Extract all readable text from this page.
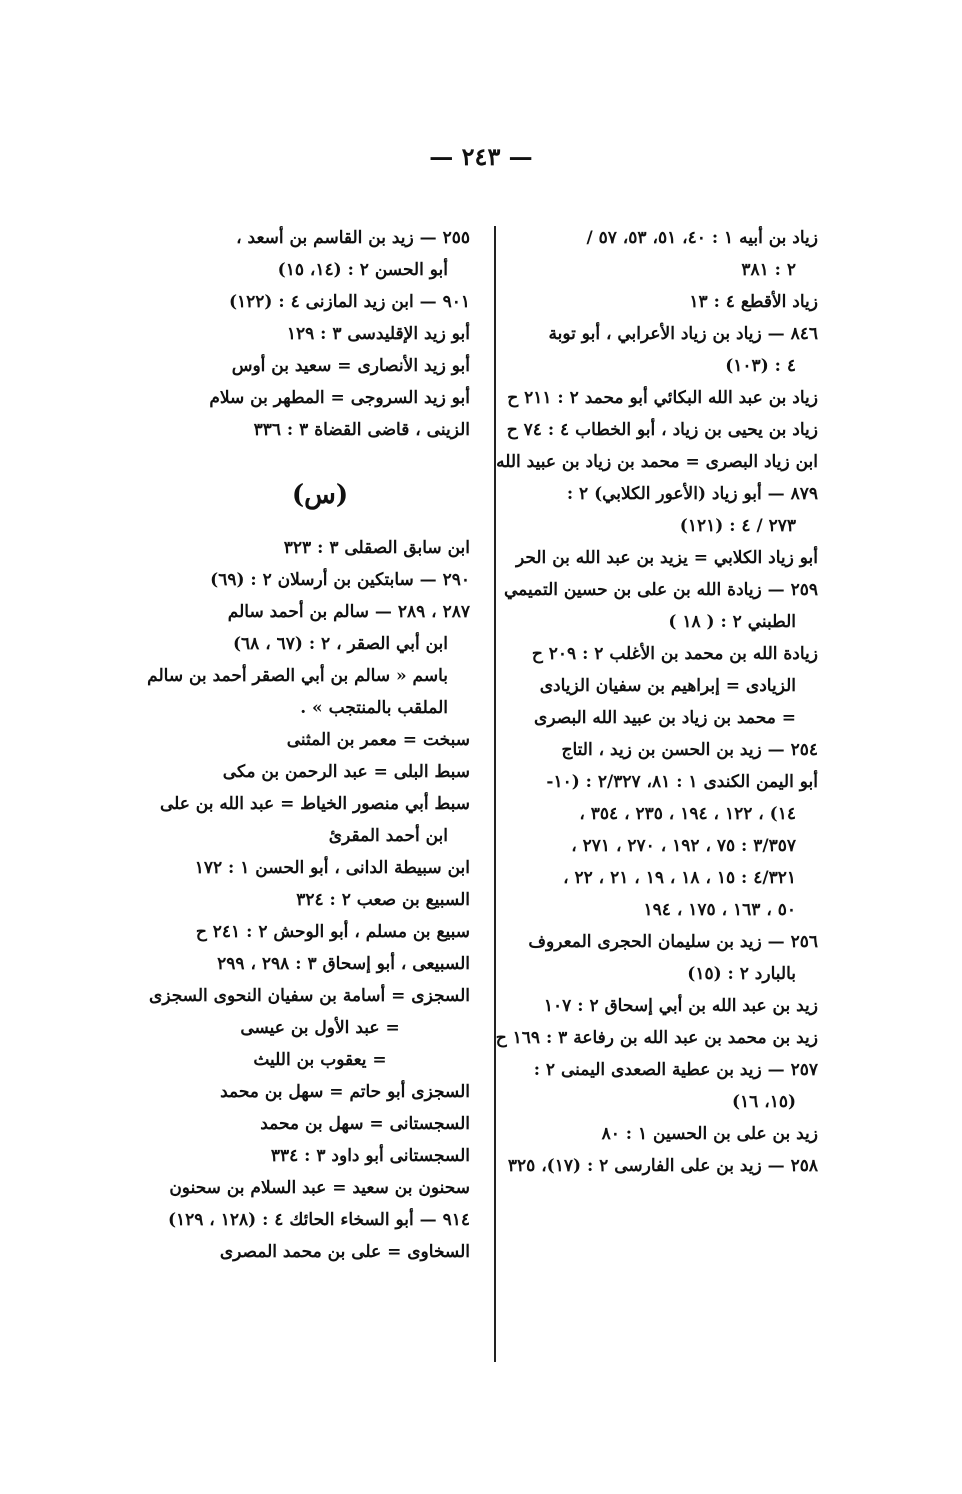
— ٢٤٣ —
زياد بن أبيه ١ : ٤٠، ٥١، ٥٣، ٥٧ /
٢ : ٣٨١
زياد الأقطع ٤ : ١٣
٨٤٦ — زياد بن زياد الأعرابي ، أبو توبة
٤ : (١٠٣)
زياد بن عبد الله البكائي أبو محمد ٢ : ٢١١ ح
زياد بن يحيى بن زياد ، أبو الخطاب ٤ : ٧٤ ح
ابن زياد البصرى = محمد بن زياد بن عبيد الله
٨٧٩ — أبو زياد (الأعور الكلابي) ٢ :
٢٧٣ / ٤ : (١٢١)
أبو زياد الكلابي = يزيد بن عبد الله بن الحر
٢٥٩ — زيادة الله بن على بن حسين التميمي
الطبني ٢ : ( ١٨ )
زيادة الله بن محمد بن الأغلب ٢ : ٢٠٩ ح
الزيادى = إبراهيم بن سفيان الزيادى
= محمد بن زياد بن عبيد الله البصرى
٢٥٤ — زيد بن الحسن بن زيد ، التاج
أبو اليمن الكندى ١ : ٨١، ٢/٣٢٧ : (١٠-
١٤) ، ١٢٢ ، ١٩٤ ، ٢٣٥ ، ٣٥٤ ،
٣/٣٥٧ : ٧٥ ، ١٩٢ ، ٢٧٠ ، ٢٧١ ،
٤/٣٢١ : ١٥ ، ١٨ ، ١٩ ، ٢١ ، ٢٢ ،
٥٠ ، ١٦٣ ، ١٧٥ ، ١٩٤
٢٥٦ — زيد بن سليمان الحجرى المعروف
بالبارد ٢ : (١٥)
زيد بن عبد الله بن أبي إسحاق ٢ : ١٠٧
زيد بن محمد بن عبد الله بن رفاعة ٣ : ١٦٩ ح
٢٥٧ — زيد بن عطية الصعدى اليمنى ٢ :
(١٥، ١٦)
زيد بن على بن الحسين ١ : ٨٠
٢٥٨ — زيد بن على الفارسى ٢ : (١٧)، ٣٢٥
٢٥٥ — زيد بن القاسم بن أسعد ،
أبو الحسن ٢ : (١٤، ١٥)
٩٠١ — ابن زيد المازنى ٤ : (١٢٢)
أبو زيد الإقليدسى ٣ : ١٢٩
أبو زيد الأنصارى = سعيد بن أوس
أبو زيد السروجى = المطهر بن سلام
الزينى ، قاضى القضاة ٣ : ٣٣٦
(س)
ابن سابق الصقلى ٣ : ٣٢٣
٢٩٠ — سابتكين بن أرسلان ٢ : (٦٩)
٢٨٧ ، ٢٨٩ — سالم بن أحمد سالم
ابن أبي الصقر ، ٢ : (٦٧ ، ٦٨)
باسم « سالم بن أبي الصقر أحمد بن سالم
الملقب بالمنتجب » .
سبخت = معمر بن المثنى
سبط البلى = عبد الرحمن بن مكى
سبط أبي منصور الخياط = عبد الله بن على
ابن أحمد المقرئ
ابن سبيطة الدانى ، أبو الحسن ١ : ١٧٢
السبيع بن صعب ٢ : ٣٢٤
سبيع بن مسلم ، أبو الوحش ٢ : ٢٤١ ح
السبيعى ، أبو إسحاق ٣ : ٢٩٨ ، ٢٩٩
السجزى = أسامة بن سفيان النحوى السجزى
= عبد الأول بن عيسى
= يعقوب بن الليث
السجزى أبو حاتم = سهل بن محمد
السجستانى = سهل بن محمد
السجستانى أبو داود ٣ : ٣٣٤
سحنون بن سعيد = عبد السلام بن سحنون
٩١٤ — أبو السخاء الحائك ٤ : (١٢٨ ، ١٢٩)
السخاوى = على بن محمد المصرى
